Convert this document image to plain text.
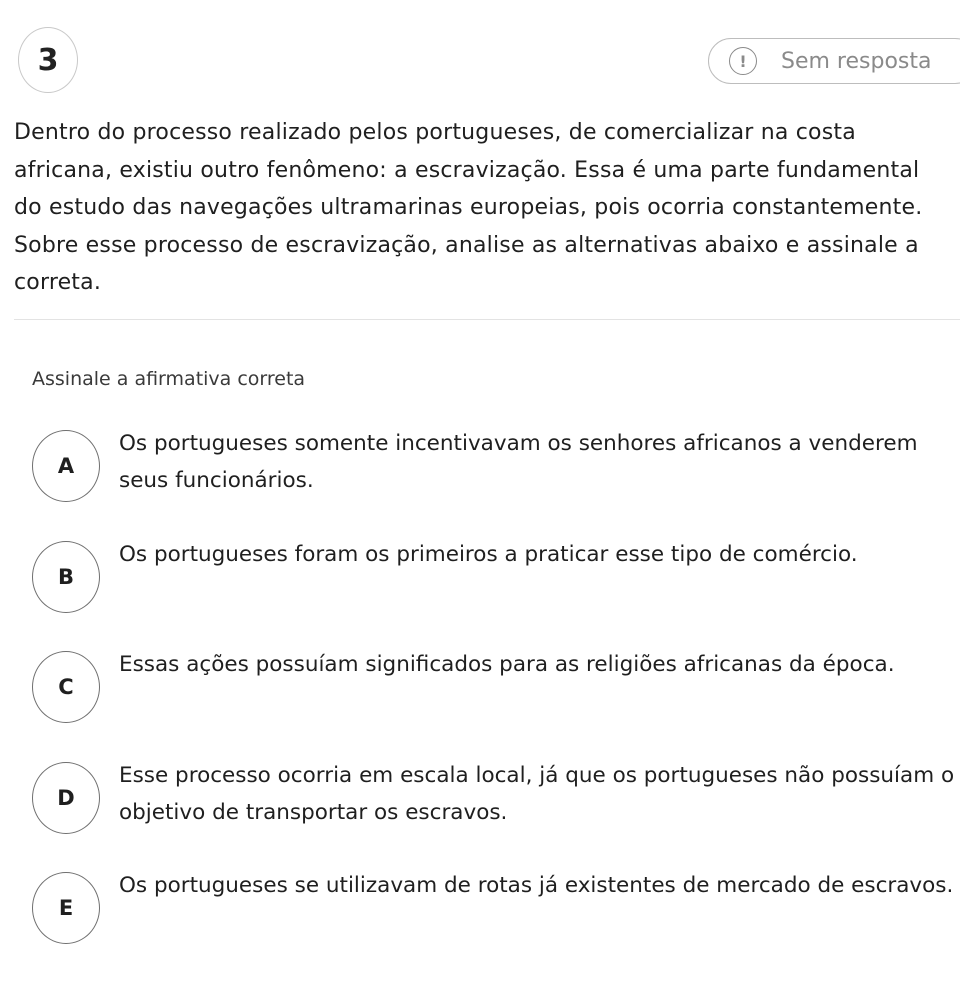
3	!	Sem resposta
Dentro do processo realizado pelos portugueses, de comercializar na costa africana, existiu outro fenômeno: a escravização. Essa é uma parte fundamental do estudo das navegações ultramarinas europeias, pois ocorria constantemente. Sobre esse processo de escravização, analise as alternativas abaixo e assinale a correta.
Assinale a afirmativa correta
A
Os portugueses somente incentivavam os senhores africanos a venderem seus funcionários.
B
Os portugueses foram os primeiros a praticar esse tipo de comércio.
C
Essas ações possuíam significados para as religiões africanas da época.
D
Esse processo ocorria em escala local, já que os portugueses não possuíam o objetivo de transportar os escravos.
E
Os portugueses se utilizavam de rotas já existentes de mercado de escravos.
